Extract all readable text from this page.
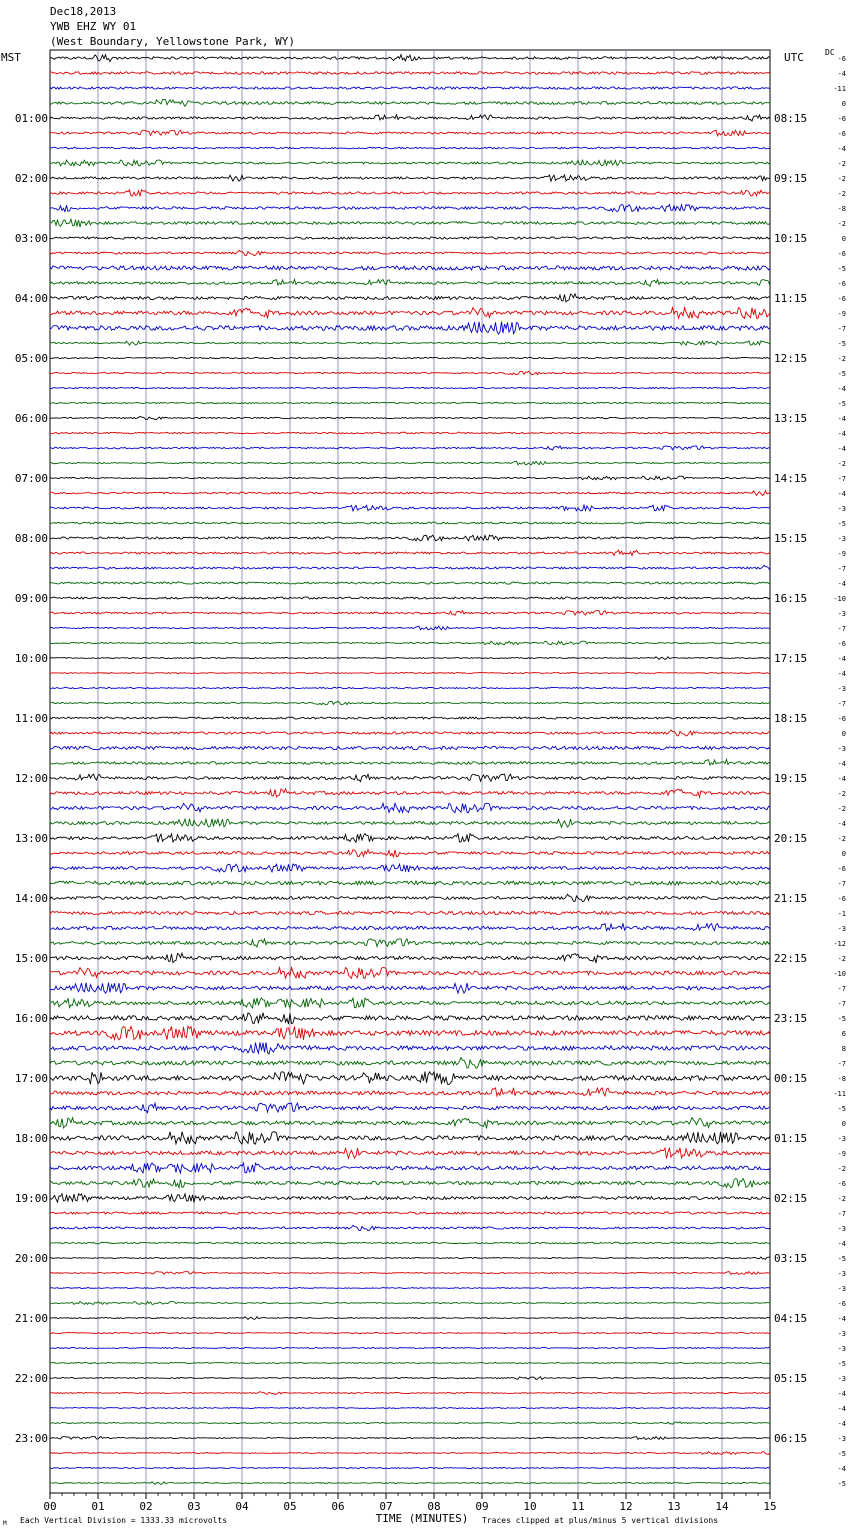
00	01	02	03	04	05	06	07	08	09	10	11	12	13	14	15
TIME (MINUTES)
-6
-4
-11
0
-6
01:00	08:15
-6
-4
-2
-2
02:00	09:15
-2
-8
-2
0
03:00	10:15
-6
-5
-6
-6
04:00	11:15
-9
-7
-5
-2
05:00	12:15
-5
-4
-5
-4
06:00	13:15
-4
-4
-2
-7
07:00	14:15
-4
-3
-5
-3
08:00	15:15
-9
-7
-4
-10
09:00	16:15
-3
-7
-6
-4
10:00	17:15
-4
-3
-7
-6
11:00	18:15
0
-3
-4
-4
12:00	19:15
-2
-2
-4
-2
13:00	20:15
0
-6
-7
-6
14:00	21:15
-1
-3
-12
-2
15:00	22:15
-10
-7
-7
-5
16:00	23:15
6
8
-7
-8
17:00	00:15
-11
-5
0
-3
18:00	01:15
-9
-2
-6
-2
19:00	02:15
-7
-3
-4
-5
20:00	03:15
-3
-3
-6
-4
21:00	04:15
-3
-3
-5
-3
22:00	05:15
-4
-4
-4
-3
23:00	06:15
-5
-4
-5
Dec18,2013
YWB EHZ WY 01
(West Boundary, Yellowstone Park, WY)
MST	UTC	DC
Each Vertical Division = 1333.33 microvolts	Traces clipped at plus/minus 5 vertical divisions
M
